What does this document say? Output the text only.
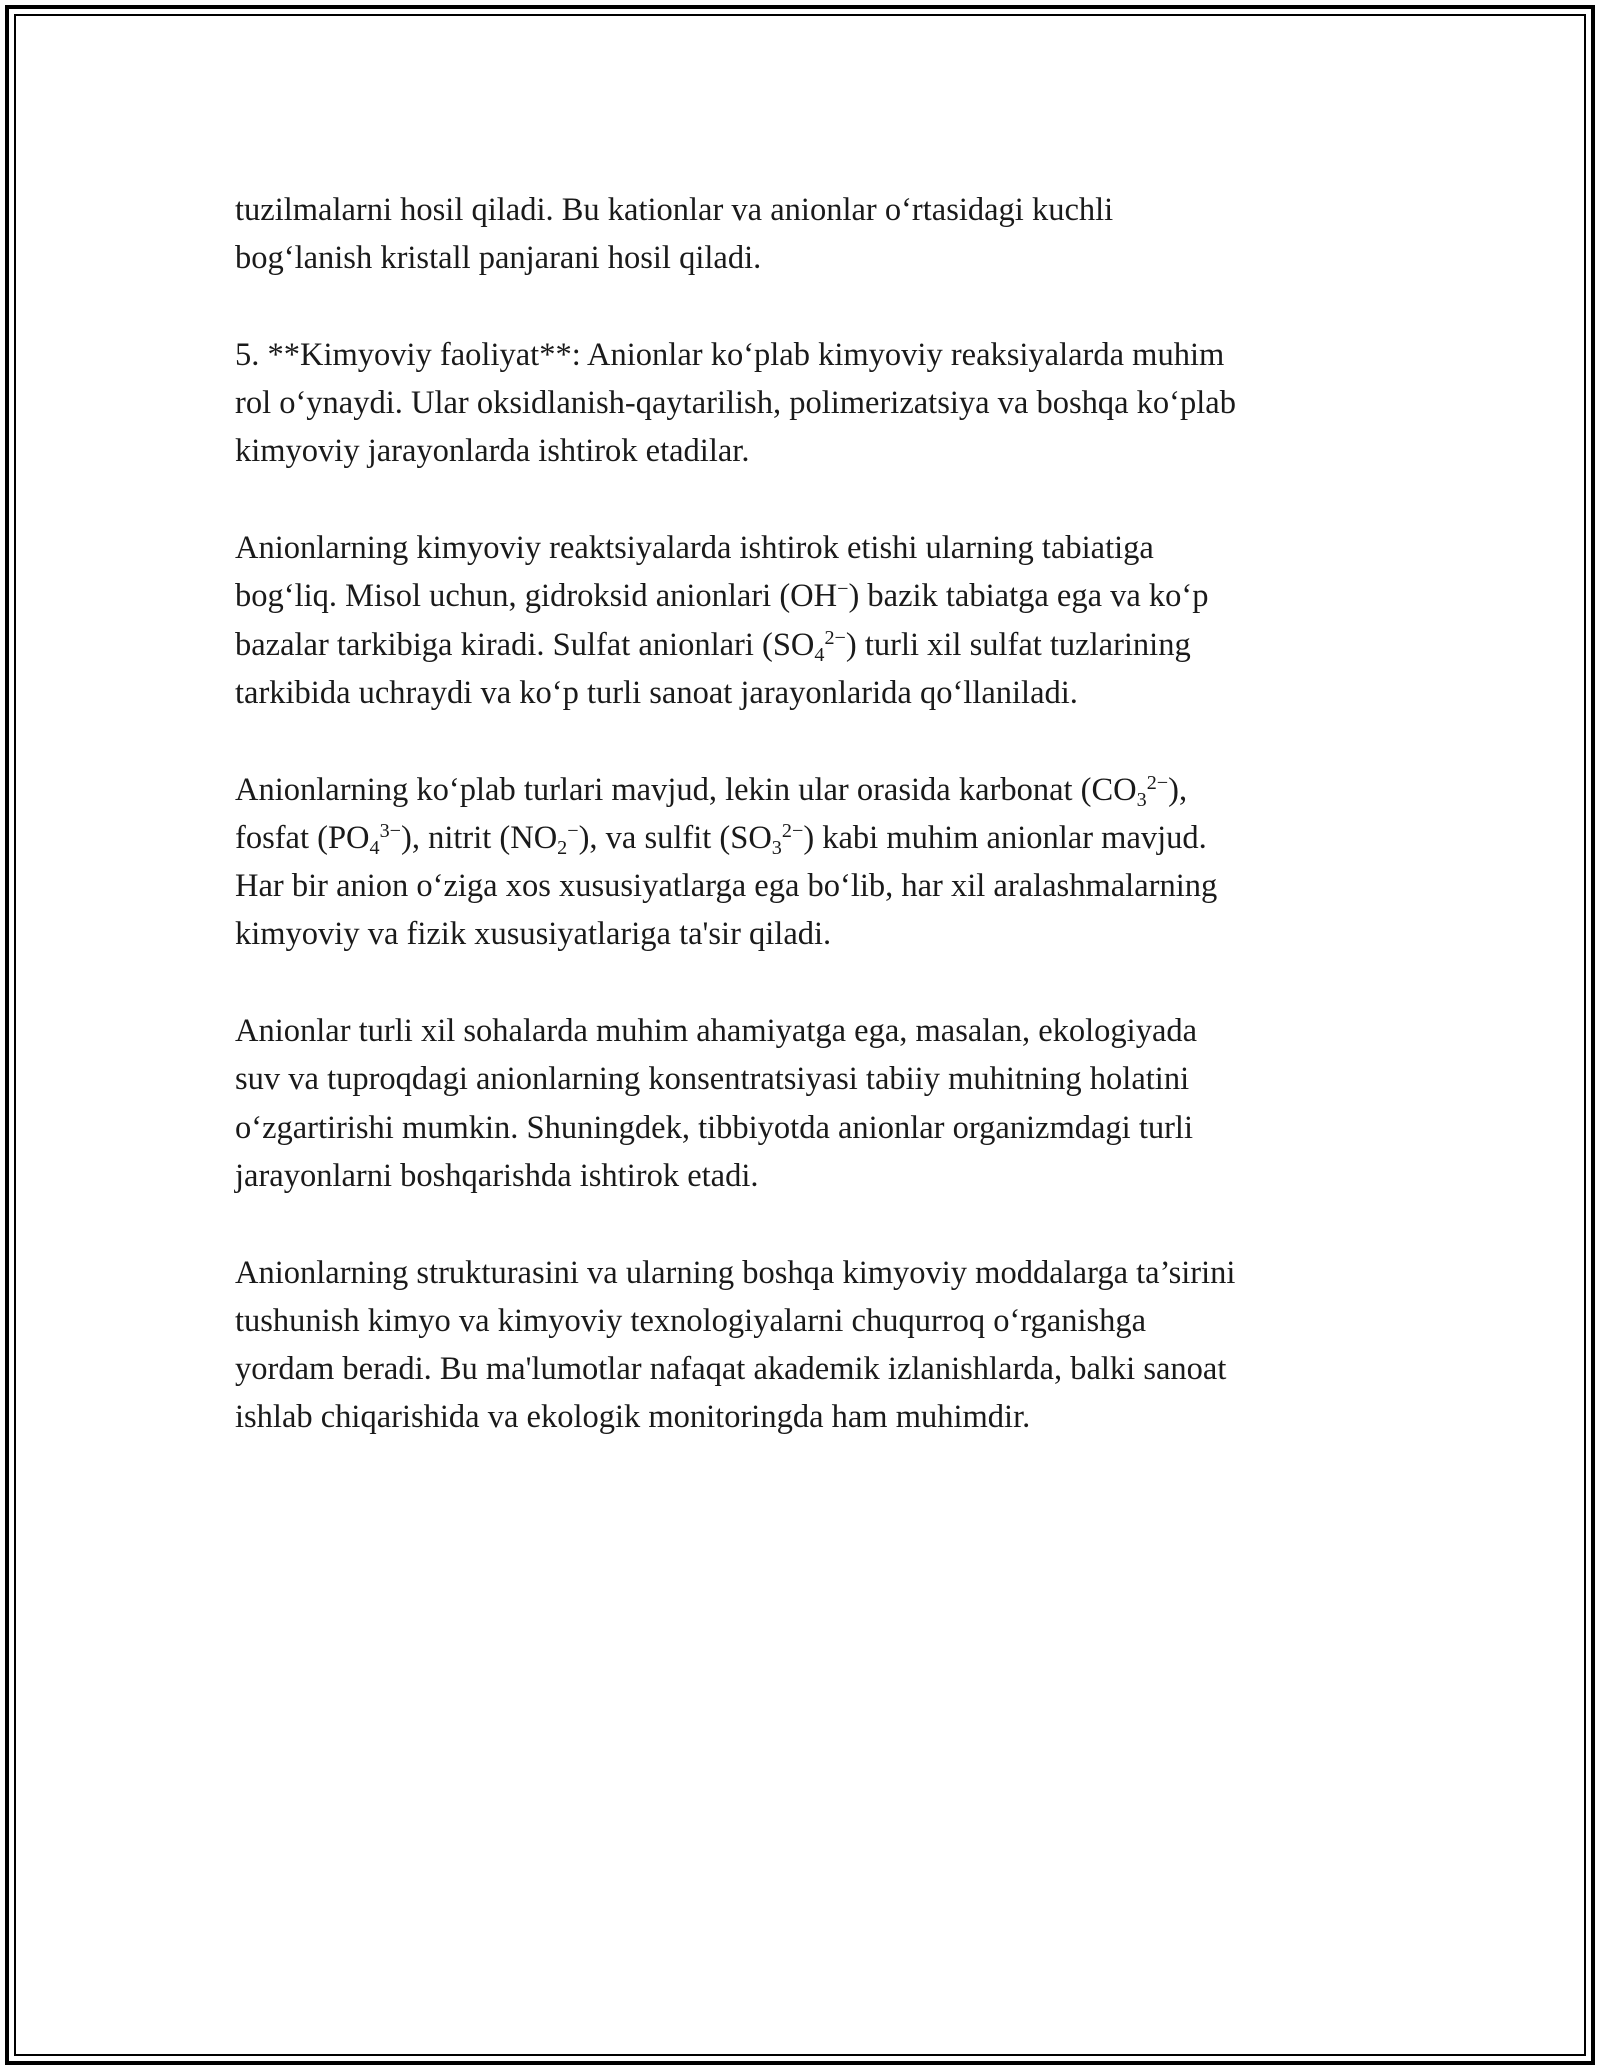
tuzilmalarni hosil qiladi. Bu kationlar va anionlar oʻrtasidagi kuchli
bogʻlanish kristall panjarani hosil qiladi.
5. **Kimyoviy faoliyat**: Anionlar koʻplab kimyoviy reaksiyalarda muhim
rol oʻynaydi. Ular oksidlanish-qaytarilish, polimerizatsiya va boshqa koʻplab
kimyoviy jarayonlarda ishtirok etadilar.
Anionlarning kimyoviy reaktsiyalarda ishtirok etishi ularning tabiatiga
bogʻliq. Misol uchun, gidroksid anionlari (OH−) bazik tabiatga ega va koʻp
bazalar tarkibiga kiradi. Sulfat anionlari $(SO_4^{2-})$ turli xil sulfat tuzlarining
tarkibida uchraydi va koʻp turli sanoat jarayonlarida qoʻllaniladi.
Anionlarning koʻplab turlari mavjud, lekin ular orasida karbonat $(CO_3^{2-})$,
fosfat $(PO_4^{3-})$, nitrit $(NO_2^-)$, va sulfit $(SO_3^{2-})$ kabi muhim anionlar mavjud.
Har bir anion oʻziga xos xususiyatlarga ega boʻlib, har xil aralashmalarning
kimyoviy va fizik xususiyatlariga ta'sir qiladi.
Anionlar turli xil sohalarda muhim ahamiyatga ega, masalan, ekologiyada
suv va tuproqdagi anionlarning konsentratsiyasi tabiiy muhitning holatini
oʻzgartirishi mumkin. Shuningdek, tibbiyotda anionlar organizmdagi turli
jarayonlarni boshqarishda ishtirok etadi.
Anionlarning strukturasini va ularning boshqa kimyoviy moddalarga ta’sirini
tushunish kimyo va kimyoviy texnologiyalarni chuqurroq oʻrganishga
yordam beradi. Bu ma'lumotlar nafaqat akademik izlanishlarda, balki sanoat
ishlab chiqarishida va ekologik monitoringda ham muhimdir.
